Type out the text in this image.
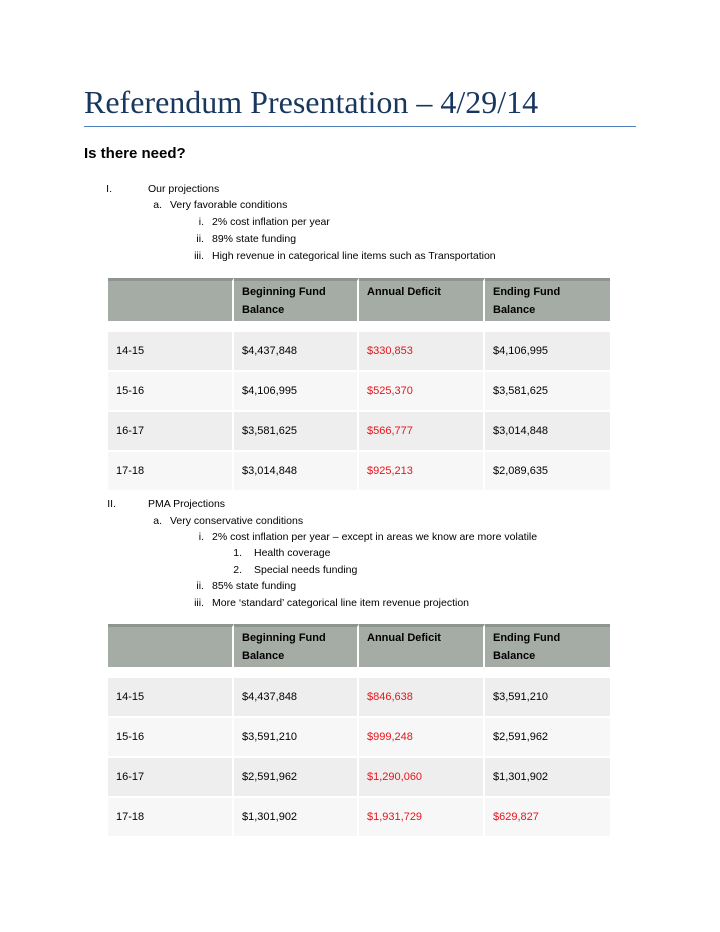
Referendum Presentation – 4/29/14
Is there need?
I.	Our projections
a. Very favorable conditions
i. 2% cost inflation per year
ii. 89% state funding
iii. High revenue in categorical line items such as Transportation
	Beginning Fund Balance	Annual Deficit	Ending Fund Balance

14-15	$4,437,848	$330,853	$4,106,995
15-16	$4,106,995	$525,370	$3,581,625
16-17	$3,581,625	$566,777	$3,014,848
17-18	$3,014,848	$925,213	$2,089,635
II.	PMA Projections
a. Very conservative conditions
i. 2% cost inflation per year – except in areas we know are more volatile
1. Health coverage
2. Special needs funding
ii. 85% state funding
iii. More ‘standard’ categorical line item revenue projection
	Beginning Fund Balance	Annual Deficit	Ending Fund Balance

14-15	$4,437,848	$846,638	$3,591,210
15-16	$3,591,210	$999,248	$2,591,962
16-17	$2,591,962	$1,290,060	$1,301,902
17-18	$1,301,902	$1,931,729	$629,827
